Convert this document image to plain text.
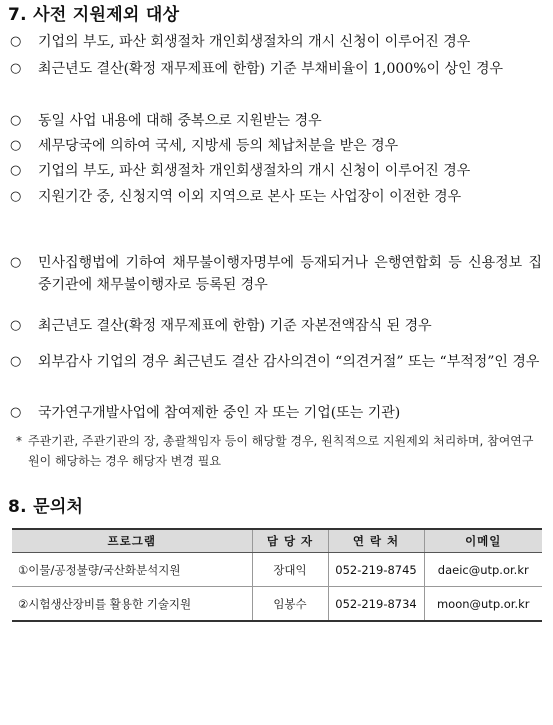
7. 사전 지원제외 대상
○	기업의 부도, 파산 회생절차 개인회생절차의 개시 신청이 이루어진 경우
○	최근년도 결산(확정 재무제표에 한함) 기준 부채비율이 1,000%이 상인 경우
○	동일 사업 내용에 대해 중복으로 지원받는 경우
○	세무당국에 의하여 국세, 지방세 등의 체납처분을 받은 경우
○	기업의 부도, 파산 회생절차 개인회생절차의 개시 신청이 이루어진 경우
○	지원기간 중, 신청지역 이외 지역으로 본사 또는 사업장이 이전한 경우
○	민사집행법에 기하여 채무불이행자명부에 등재되거나 은행연합회 등 신용정보 집중기관에 채무불이행자로 등록된 경우
○	최근년도 결산(확정 재무제표에 한함) 기준 자본전액잠식 된 경우
○	외부감사 기업의 경우 최근년도 결산 감사의견이 “의견거절” 또는 “부적정”인 경우
○	국가연구개발사업에 참여제한 중인 자 또는 기업(또는 기관)
* 주관기관, 주관기관의 장, 총괄책임자 등이 해당할 경우, 원칙적으로 지원제외 처리하며, 참여연구원이 해당하는 경우 해당자 변경 필요
8. 문의처
프로그램	담 당 자	연 락 처	이메일
①이물/공정불량/국산화분석지원	장대익	052-219-8745	daeic@utp.or.kr
②시험생산장비를 활용한 기술지원	임봉수	052-219-8734	moon@utp.or.kr
